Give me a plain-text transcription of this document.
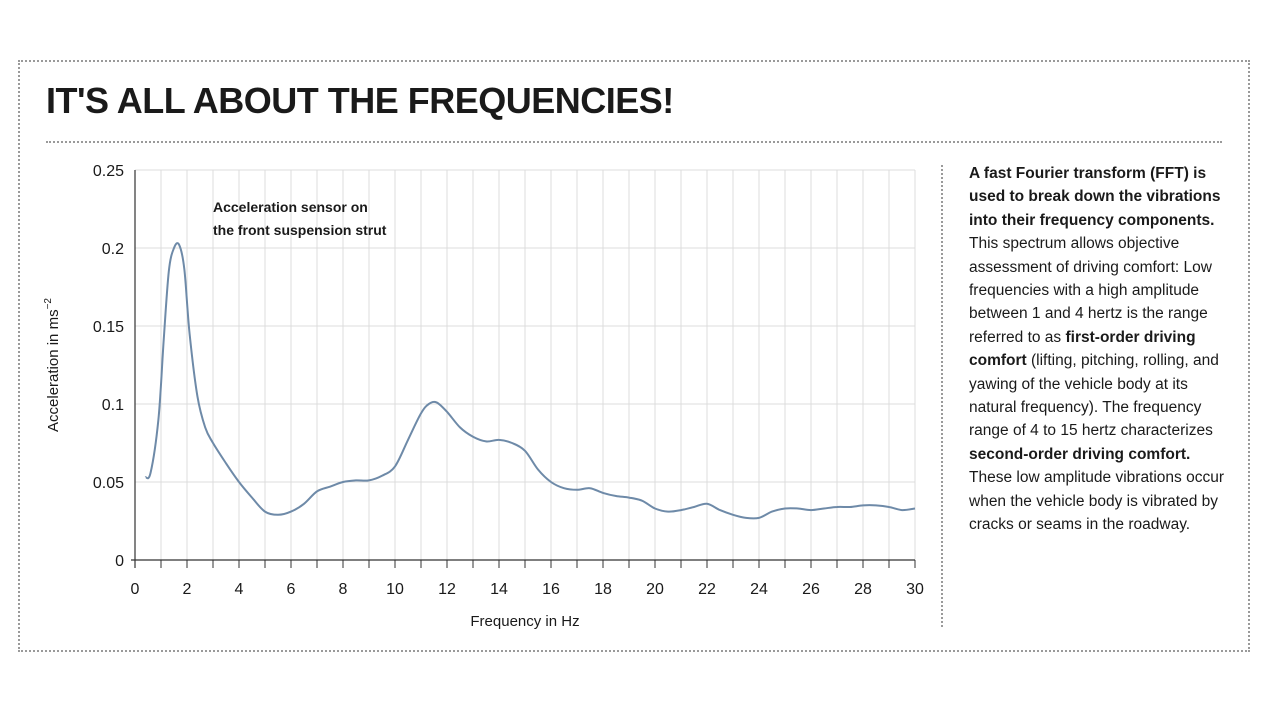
IT'S ALL ABOUT THE FREQUENCIES!
0
0.05
0.1
0.15
0.2
0.25
0	2	4	6	8 10 12 14 16 18 20 22 24 26 28 30
Acceleration sensor on
the front suspension strut
Frequency in Hz
Acceleration in $ms^{-2}$
A fast Fourier transform (FFT) is used to break down the vibrations into their frequency components. This spectrum allows objective assessment of driving comfort: Low frequencies with a high amplitude between 1 and 4 hertz is the range referred to as first-order driving comfort (lifting, pitching, rolling, and yawing of the vehicle body at its natural frequency). The frequency range of 4 to 15 hertz characterizes second-order driving comfort. These low amplitude vibrations occur when the vehicle body is vibrated by cracks or seams in the roadway.
